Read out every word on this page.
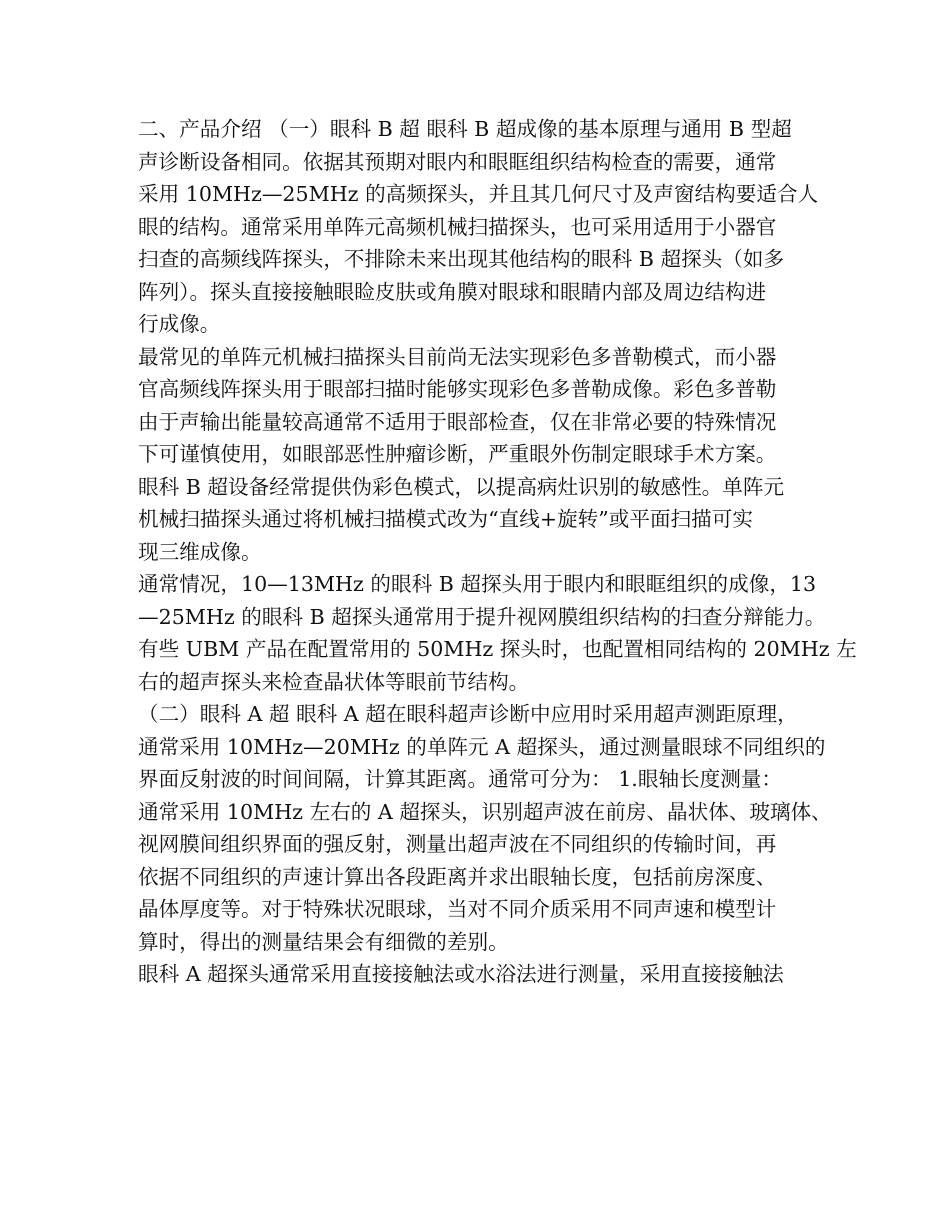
二、产品介绍 （一）眼科 B 超 眼科 B 超成像的基本原理与通用 B 型超
声诊断设备相同。依据其预期对眼内和眼眶组织结构检查的需要，通常
采用 10MHz—25MHz 的高频探头，并且其几何尺寸及声窗结构要适合人
眼的结构。通常采用单阵元高频机械扫描探头，也可采用适用于小器官
扫查的高频线阵探头，不排除未来出现其他结构的眼科 B 超探头（如多
阵列）。探头直接接触眼睑皮肤或角膜对眼球和眼睛内部及周边结构进
行成像。
最常见的单阵元机械扫描探头目前尚无法实现彩色多普勒模式，而小器
官高频线阵探头用于眼部扫描时能够实现彩色多普勒成像。彩色多普勒
由于声输出能量较高通常不适用于眼部检查，仅在非常必要的特殊情况
下可谨慎使用，如眼部恶性肿瘤诊断，严重眼外伤制定眼球手术方案。
眼科 B 超设备经常提供伪彩色模式，以提高病灶识别的敏感性。单阵元
机械扫描探头通过将机械扫描模式改为“直线+旋转”或平面扫描可实
现三维成像。
通常情况，10—13MHz 的眼科 B 超探头用于眼内和眼眶组织的成像，13
—25MHz 的眼科 B 超探头通常用于提升视网膜组织结构的扫查分辩能力。
有些 UBM 产品在配置常用的 50MHz 探头时，也配置相同结构的 20MHz 左
右的超声探头来检查晶状体等眼前节结构。
（二）眼科 A 超 眼科 A 超在眼科超声诊断中应用时采用超声测距原理，
通常采用 10MHz—20MHz 的单阵元 A 超探头，通过测量眼球不同组织的
界面反射波的时间间隔，计算其距离。通常可分为： 1.眼轴长度测量：
通常采用 10MHz 左右的 A 超探头，识别超声波在前房、晶状体、玻璃体、
视网膜间组织界面的强反射，测量出超声波在不同组织的传输时间，再
依据不同组织的声速计算出各段距离并求出眼轴长度，包括前房深度、
晶体厚度等。对于特殊状况眼球，当对不同介质采用不同声速和模型计
算时，得出的测量结果会有细微的差别。
眼科 A 超探头通常采用直接接触法或水浴法进行测量，采用直接接触法
